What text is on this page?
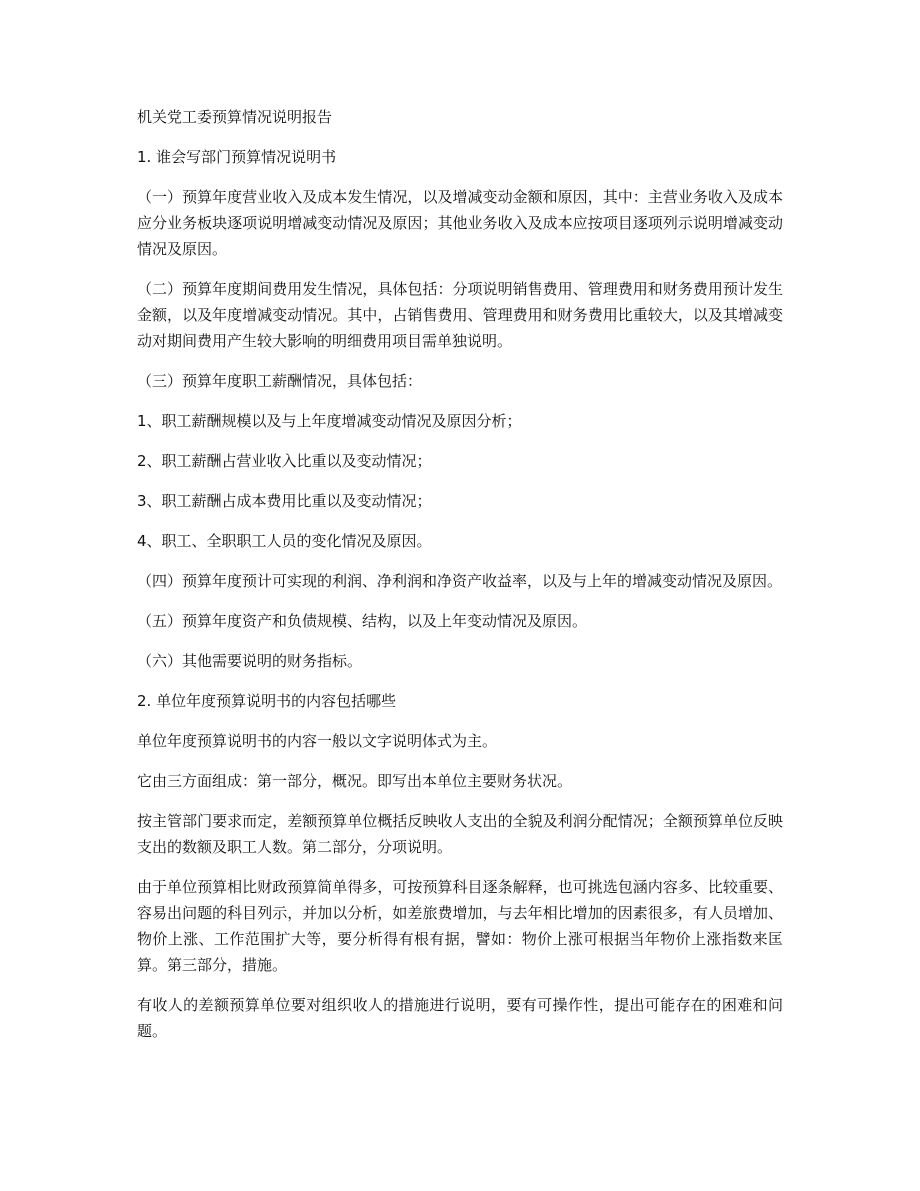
机关党工委预算情况说明报告

1. 谁会写部门预算情况说明书

（一）预算年度营业收入及成本发生情况，以及增减变动金额和原因，其中：主营业务收入及成本应分业务板块逐项说明增减变动情况及原因；其他业务收入及成本应按项目逐项列示说明增减变动情况及原因。

（二）预算年度期间费用发生情况，具体包括：分项说明销售费用、管理费用和财务费用预计发生金额，以及年度增减变动情况。其中，占销售费用、管理费用和财务费用比重较大，以及其增减变动对期间费用产生较大影响的明细费用项目需单独说明。

（三）预算年度职工薪酬情况，具体包括：

1、职工薪酬规模以及与上年度增减变动情况及原因分析；

2、职工薪酬占营业收入比重以及变动情况；

3、职工薪酬占成本费用比重以及变动情况；

4、职工、全职职工人员的变化情况及原因。

（四）预算年度预计可实现的利润、净利润和净资产收益率，以及与上年的增减变动情况及原因。

（五）预算年度资产和负债规模、结构，以及上年变动情况及原因。

（六）其他需要说明的财务指标。

2. 单位年度预算说明书的内容包括哪些

单位年度预算说明书的内容一般以文字说明体式为主。

它由三方面组成：第一部分，概况。即写出本单位主要财务状况。

按主管部门要求而定，差额预算单位概括反映收人支出的全貌及利润分配情况；全额预算单位反映支出的数额及职工人数。第二部分，分项说明。

由于单位预算相比财政预算简单得多，可按预算科目逐条解释，也可挑选包涵内容多、比较重要、容易出问题的科目列示，并加以分析，如差旅费增加，与去年相比增加的因素很多，有人员增加、物价上涨、工作范围扩大等，要分析得有根有据，譬如：物价上涨可根据当年物价上涨指数来匡算。第三部分，措施。

有收人的差额预算单位要对组织收人的措施进行说明，要有可操作性，提出可能存在的困难和问题。
